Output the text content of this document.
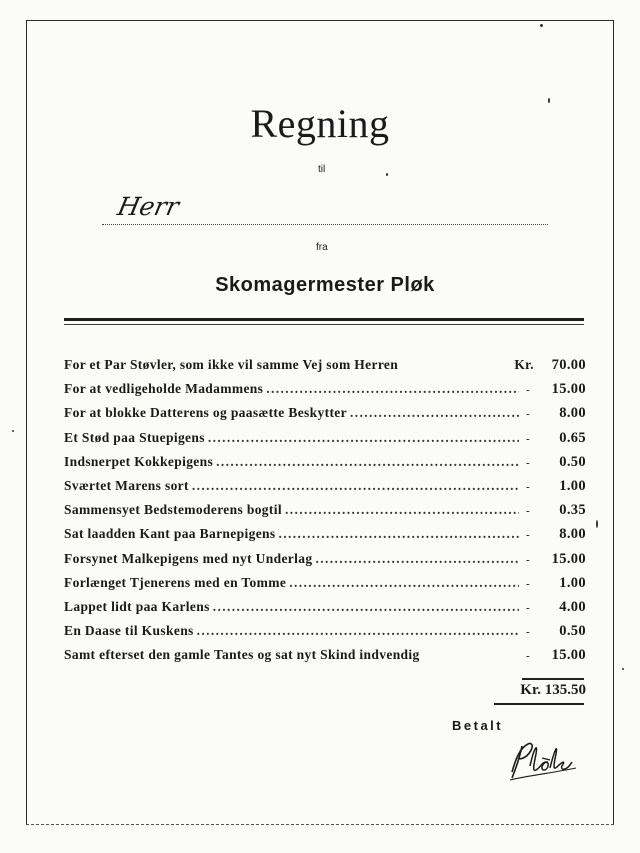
Regning
til
Herr
fra
Skomagermester Pløk
For et Par Støvler, som ikke vil samme Vej som Herren	Kr.	70.00
For at vedligeholde Madammens . . .	-	15.00
For at blokke Datterens og paasætte Beskytter . . .	-	8.00
Et Stød paa Stuepigens . . .	-	0.65
Indsnerpet Kokkepigens . . .	-	0.50
Sværtet Marens sort . . .	-	1.00
Sammensyet Bedstemoderens bogtil . . .	-	0.35
Sat laadden Kant paa Barnepigens . . .	-	8.00
Forsynet Malkepigens med nyt Underlag . . .	-	15.00
Forlænget Tjenerens med en Tomme . . .	-	1.00
Lappet lidt paa Karlens . . .	-	4.00
En Daase til Kuskens . . .	-	0.50
Samt efterset den gamle Tantes og sat nyt Skind indvendig	-	15.00
Kr. 135.50
Betalt
